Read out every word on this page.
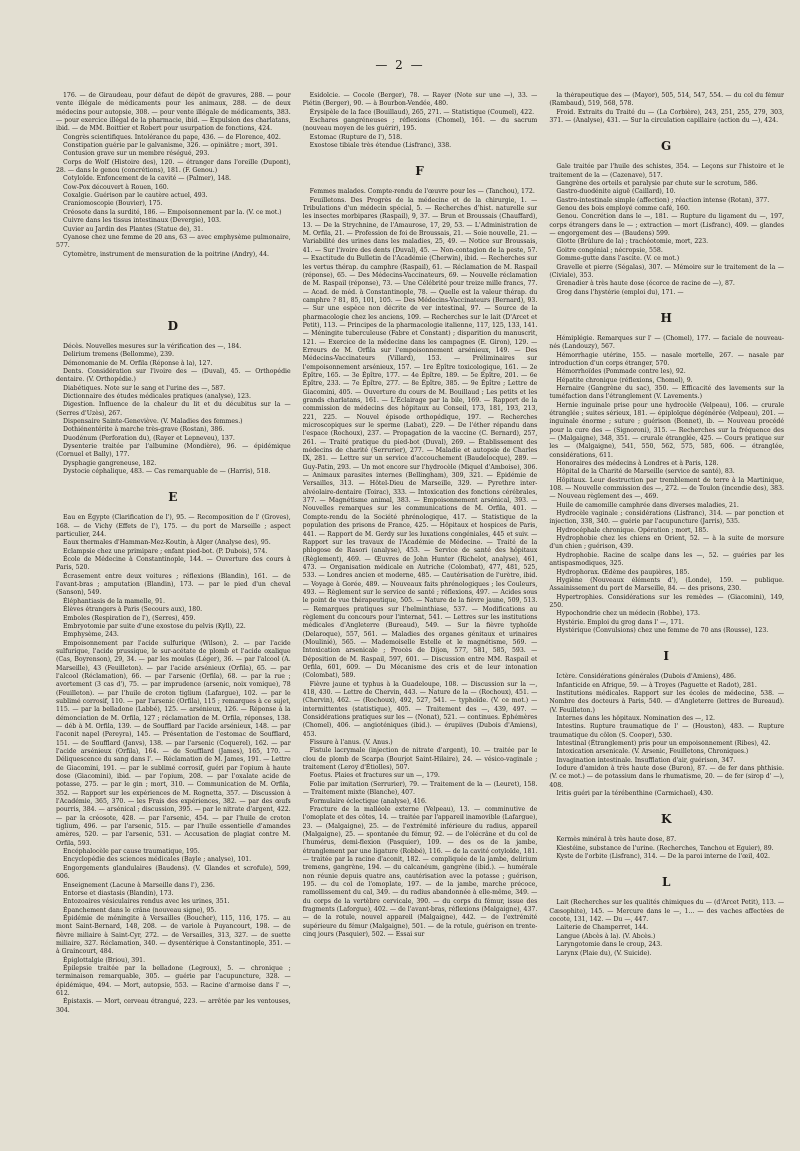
— 2 —

176. — de Giraudeau, pour défaut de dépôt de gravures, 288. — pour vente illégale de médicaments pour les animaux, 288. — de deux médecins pour autopsie, 308. — pour vente illégale de médicaments, 383. — pour exercice illégal de la pharmacie, ibid. — Expulsion des charlatans, ibid. — de MM. Boittier et Robert pour usurpation de fonctions, 424.

Congrès scientifiques. Intolérance du pape, 436. — de Florence, 402.

Constipation guérie par le galvanisme, 326. — opiniâtre ; mort, 391.

Contusion grave sur un membre réségué, 293.

Corps de Wolf (Histoire des), 120. — étranger dans l'oreille (Dupont), 28. — dans le genou (concrétions), 181. (F. Genou.)

Cotyloïde. Enfoncement de la cavité — (Palmer), 148.

Cow-Pox découvert à Rouen, 160.

Coxalgie. Guérison par le cautère actuel, 493.

Craniomoscopie (Bouvier), 175.

Créosote dans la surdité, 186. — Empoisonnement par la. (V. ce mot.)

Cuivre dans les tissus intestinaux (Devergie), 103.

Cuvier au Jardin des Plantes (Statue de), 31.

Cyanose chez une femme de 20 ans, 63 — avec emphysème pulmonaire, 577.

Cytomètre, instrument de mensuration de la poitrine (Andry), 44.

D

Décès. Nouvelles mesures sur la vérification des —, 184.

Delirium tremens (Bellomme), 239.

Démonomanie de M. Orfila (Réponse à la), 127.

Dents. Considération sur l'ivoire des — (Duval), 45. — Orthopédie dentaire. (V. Orthopédie.)

Diabétiques. Note sur le sang et l'urine des —, 587.

Dictionnaire des études médicales pratiques (analyse), 123.

Digestion. Influence de la chaleur du lit et du décubitus sur la — (Serres d'Uzès), 267.

Dispensaire Sainte-Geneviève. (V. Maladies des femmes.)

Dothiénentérite à marche très-grave (Rostan), 386.

Duodénum (Perforation du), (Rayer et Lepneveu), 137.

Dysenterie traitée par l'albumine (Mondière), 96. — épidémique (Cornuel et Bally), 177.

Dysphagie gangreneuse, 182.

Dystocie céphalique, 483. — Cas remarquable de — (Harris), 518.

E

Eau en Égypte (Clarification de l'), 95. — Recomposition de l' (Groves), 168. — de Vichy (Effets de l'), 175. — du port de Marseille ; aspect particulier, 244.

Eaux thermales d'Hamman-Mez-Koutin, à Alger (Analyse des), 95.

Eclampsie chez une primipare ; enfant pied-bot. (P. Dubois), 574.

École de Médecine à Constantinople, 144. — Ouverture des cours à Paris, 520.

Écrasement entre deux voitures ; réflexions (Blandin), 161. — de l'avant-bras ; amputation (Blandin), 173. — par le pied d'un cheval (Sanson), 549.

Éléphantiasis de la mamelle, 91.

Élèves étrangers à Paris (Secours aux), 180.

Emboles (Respiration de l'), (Serres), 459.

Embryotomie par suite d'une exostose du pelvis (Kyll), 22.

Emphysème, 243.

Empoisonnement par l'acide sulfurique (Wilson), 2. — par l'acide sulfurique, l'acide prussique, le sur-acétate de plomb et l'acide oxalique (Cas, Boyrenson), 29, 34. — par les moules (Léger), 36. — par l'alcool (A. Marseille), 43 (Feuilleton). — par l'acide arsénieux (Orfila), 65. — par l'alcool (Réclamation), 66. — par l'arsenic (Orfila), 68. — par la rue ; avortement (3 cas d'), 75. — par imprudence (arsenic, noix vomique), 78 (Feuilleton). — par l'huile de croton tiglium (Lafargue), 102. — par le sublimé corrosif, 110. — par l'arsenic (Orfila), 115 ; remarques à ce sujet, 115. — par la belladone (Labbé), 125. — arsénieux, 126. — Réponse à la démonciation de M. Orfila, 127 ; réclamation de M. Orfila, réponses, 138. — déb à M. Orfila, 139. — de Soufflard par l'acide arsénieux, 148. — par l'aconit napel (Pereyra), 145. — Présentation de l'estomac de Soufflard, 151. — de Soufflard (Janvs), 138. — par l'arsenic (Coquerel), 162. — par l'acide arsénieux (Orfila), 164. — de Soufflard (James), 165, 170. — Déliquescence du sang dans l'. — Réclamation de M. James, 191. — Lettre de Giacomini, 191. — par le sublimé corrosif, guéri par l'opium à haute dose (Giacomini), ibid. — par l'opium, 208. — par l'oxalate acide de potasse, 275. — par le gin ; mort, 310. — Communication de M. Orfila, 352. — Rapport sur les expériences de M. Rognetta, 357. — Discussion à l'Académie, 365, 370. — les Frais des expériences, 382. — par des œufs pourris, 384. — arsénical ; discussion, 395. — par le nitrate d'argent, 422. — par la créosote, 428. — par l'arsenic, 454. — par l'huile de croton tiglium, 496. — par l'arsenic, 515. — par l'huile essentielle d'amandes amères, 520. — par l'arsenic, 531. — Accusation de plagiat contre M. Orfila, 593.

Encéphalocèle par cause traumatique, 195.

Encyclopédie des sciences médicales (Bayle ; analyse), 101.

Engorgements glandulaires (Baudens). (V. Glandes et scrofule), 599, 606.

Enseignement (Lacune à Marseille dans l'), 236.

Entorse et diastasis (Blandin), 173.

Entozoaires vésiculaires rendus avec les urines, 351.

Épanchement dans le crâne (nouveau signe), 95.

Épidémie de méningite à Versailles (Boucher), 115, 116, 175. — au mont Saint-Bernard, 148, 208. — de variole à Puyancourt, 198. — de fièvre miliaire à Saint-Cyr, 272. — de Versailles, 313, 327. — de suette miliaire, 327. Réclamation, 340. — dysentérique à Constantinople, 351. — à Graincourt, 484.

Épiglottalgie (Briou), 391.

Épilepsie traitée par la belladone (Legroux), 5. — chronique ; terminaison remarquable, 305. — guérie par l'acupuncture, 328. — épidémique, 494. — Mort, autopsie, 553. — Racine d'armoise dans l' —, 612.

Épistaxis. — Mort, cerveau étrangué, 223. — arrêtée par les ventouses, 304.

Ésidolcie. — Cocole (Berger), 78. — Rayer (Note sur une —), 33. — Piétin (Berger), 90. — à Bourbon-Vendée, 480.

Érysipèle de la face (Bouillaud), 265, 271. — Statistique (Coumel), 422.

Eschares gangréneuses ; réflexions (Chomel), 161. — du sacrum (nouveau moyen de les guérir), 195.

Estomac (Rupture de l'), 518.

Exostose tibiale très étendue (Lisfranc), 338.

F

Femmes malades. Compte-rendu de l'œuvre pour les — (Tanchou), 172.

Feuilletons. Des Progrès de la médecine et de la chirurgie, 1. — Tribulations d'un médecin spécial, 5. — Recherches d'hist. naturelle sur les insectes morbipares (Raspail), 9, 37. — Brun et Broussais (Chauffard), 13. — De la Strychnine, de l'Amaurose, 17, 29, 53. — L'Administration de M. Orfila, 21. — Profession de foi de Broussais, 21. — Soie nouvelle, 21. — Variabilité des urines dans les maladies, 25, 49. — Notice sur Broussais, 41. — Sur l'ivoire des dents (Duval), 45. — Non-contagion de la peste, 57. — Exactitude du Bulletin de l'Académie (Cherwin), ibid. — Recherches sur les vertus thérap. du camphre (Raspail), 61. — Réclamation de M. Raspail (réponse), 65. — Des Médecins-Vaccinateurs, 69. — Nouvelle réclamation de M. Raspail (réponse), 73. — Une Célébrité pour treize mille francs, 77. — Acad. de méd. à Constantinople, 78. — Quelle est la valeur thérap. du camphre ? 81, 85, 101, 105. — Des Médecins-Vaccinateurs (Bernard), 93. — Sur une espèce non décrite de ver intestinal, 97. — Source de la pharmacologie chez les anciens, 109. — Recherches sur le lait (D'Arcet et Petit), 113. — Principes de la pharmacologie italienne, 117, 125, 133, 141. — Méningite tuberculeuse (Fabre et Constant) ; disparition du manuscrit, 121. — Exercice de la médecine dans les campagnes (E. Giron), 129. — Erreurs de M. Orfila sur l'empoisonnement arsénieux, 149. — Des Médecins-Vaccinateurs (Villard), 153. — Préliminaires sur l'empoisonnement arsénieux, 157. — 1re Épître toxicologique, 161. — 2e Épître, 165. — 3e Épître, 177. — 4e Épître, 189. — 5e Épître, 201. — 6e Épître, 233. — 7e Épître, 277. — 8e Épître, 385. — 9e Épître ; Lettre de Giacomini, 405. — Ouverture du cours de M. Bouillaud ; Les petits et les grands charlatans, 161. — L'Éclairage par la bile, 169. — Rapport de la commission de médecins des hôpitaux au Conseil, 173, 181, 193, 213, 221, 225. — Nouvel épisode orthopédique, 197. — Recherches microscopiques sur le sperme (Labat), 229. — De l'éther répandu dans l'espace (Rochoux), 237. — Propagation de la vaccine (C. Bernard), 257, 261. — Traité pratique du pied-bot (Duval), 269. — Établissement des médecins de charité (Serrurier), 277. — Maladie et autopsie de Charles IX, 281. — Lettre sur un service d'accouchement (Baudelocque), 289. — Guy-Patin, 293. — Un mot encore sur l'hydrocèle (Miquel d'Amboise), 306. — Animaux parasites internes (Bellingham), 309, 321. — Épidémie de Versailles, 313. — Hôtel-Dieu de Marseille, 329. — Pyrethre inter-alvéolaire-dentaire (Toirac), 333. — Intoxication des fonctions cérébrales, 377. — Magnétisme animal, 383. — Empoisonnement arsénical, 393. — Nouvelles remarques sur les communications de M. Orfila, 401. — Compte-rendu de la Société phrénologique, 417. — Statistique de la population des prisons de France, 425. — Hôpitaux et hospices de Paris, 441. — Rapport de M. Gerdy sur les luxations congéniales, 445 et suiv. — Rapport sur les travaux de l'Académie de Médecine. — Traité de la phlogose de Rasori (analyse), 453. — Service de santé des hôpitaux (Règlement), 469. — Œuvres de John Hunter (Richelot, analyse), 461, 473. — Organisation médicale en Autriche (Colombat), 477, 481, 525, 533. — Londres ancien et moderne, 485. — Cautérisation de l'urètre, ibid. — Voyage à Gorée, 489. — Nouveaux faits phrénologiques ; les Couleurs, 493. — Règlement sur le service de santé ; réflexions, 497. — Acides sous le point de vue thérapeutique, 505. — Nature de la fièvre jaune, 509, 513. — Remarques pratiques sur l'helminthiase, 537. — Modifications au règlement du concours pour l'internat, 541. — Lettres sur les institutions médicales d'Angleterre (Bureaud), 549. — Sur la fièvre typhoïde (Delaroque), 557, 561. — Maladies des organes génitaux et urinaires (Moulinié), 565. — Mademoiselle Estelle et le magnétisme, 569. — Intoxication arsenicale ; Procès de Dijon, 577, 581, 585, 593. — Déposition de M. Raspail, 597, 601. — Discussion entre MM. Raspail et Orfila, 601, 609. — Du Mécanisme des cris et de leur intonation (Colombat), 589.

Fièvre jaune et typhus à la Guadeloupe, 108. — Discussion sur la —, 418, 430. — Lettre de Chervin, 443. — Nature de la — (Rochoux), 451. — (Chervin), 462. — (Rochoux), 492, 527, 541. — typhoïde. (V. ce mot.) — intermittentes (statistique), 405. — Traitement des —, 439, 497. — Considérations pratiques sur les — (Nonat), 521. — continues. Éphémères (Chomel), 406. — angioténiques (ibid.). — érupiives (Dubois d'Amiens), 453.

Fissure à l'anus. (V. Anus.)

Fistule lacrymale (injection de nitrate d'argent), 10. — traitée par le clou de plomb de Scarpa (Bourjot Saint-Hilaire), 24. — vésico-vaginale ; traitement (Leroy d'Étiolles), 507.

Foetus. Plaies et fractures sur un —, 179.

Folie par imitation (Serrurier), 79. — Traitement de la — (Leuret), 158. — Traitement mixte (Blanche), 407.

Formulaire éclectique (analyse), 416.

Fracture de la malléole externe (Velpeau), 13. — comminutive de l'omoplate et des côtes, 14. — traitée par l'appareil inamovible (Lafargue), 23. — (Malgaigne), 25. — de l'extrémité inférieure du radius, appareil (Malgaigne), 25. — spontanée du fémur, 92. — de l'olécrâne et du col de l'humérus, demi-flexion (Pasquier), 109. — des os de la jambe, étranglement par une ligature (Robbé), 116. — de la cavité cotyloïde, 181. — traitée par la racine d'aconit, 182. — compliquée de la jambe, delirium tremens, gangrène, 194. — du calcanéum, gangrène (ibid.). — humérale non réunie depuis quatre ans, cautérisation avec la potasse ; guérison, 195. — du col de l'omoplate, 197. — de la jambe, marche précoce, ramollissement du cal, 349. — du radius abandonnée à elle-même, 349. — du corps de la vertèbre cervicale, 390. — du corps du fémur, issue des fragments (Laforgue), 402. — de l'avant-bras, réflexions (Malgaigne), 437. — de la rotule, nouvel appareil (Malgaigne), 442. — de l'extrémité supérieure du fémur (Malgaigne), 501. — de la rotule, guérison en trente-cinq jours (Pasquier), 502. — Essai sur

la thérapeutique des — (Mayor), 505, 514, 547, 554. — du col du fémur (Rambaud), 519, 568, 578.

Froid. Extraits du Traité du — (La Corbière), 243, 251, 255, 279, 303, 371. — (Analyse), 431. — Sur la circulation capillaire (action du —), 424.

G

Gale traitée par l'huile des schistes, 354. — Leçons sur l'histoire et le traitement de la — (Cazenave), 517.

Gangrène des orteils et paralysie par chute sur le scrotum, 586.

Gastro-duodénite aiguë (Caillard), 10.

Gastro-intestinale simple (affection) ; réaction intense (Rotan), 377.

Genou des bois employé comme café, 160.

Genou. Concrétion dans le —, 181. — Rupture du ligament du —, 197, corps étrangers dans le — ; extraction — mort (Lisfranc), 409. — glandes — engorgement des — (Baudens) 599.

Glotte (Brûlure de la) ; trachéotomie, mort, 223.

Goitre congénial ; nécropsie, 558.

Gomme-gutte dans l'ascite. (V. ce mot.)

Gravelle et pierre (Ségalas), 307. — Mémoire sur le traitement de la — (Civiale), 353.

Grenadier à très haute dose (écorce de racine de —), 87.

Grog dans l'hystérie (emploi du), 171. —

H

Hémiplégie. Remarques sur l' — (Chomel), 177. — faciale de nouveau-nés (Landouzy), 567.

Hémorrhagie utérine, 155. — nasale mortelle, 267. — nasale par introduction d'un corps étranger, 570.

Hémorrhoïdes (Pommade contre les), 92.

Hépatite chronique (réflexions, Chomel), 9.

Hernaire (Gangrène du sac), 350. — Efficacité des lavements sur la tuméfaction dans l'étranglement (V. Lavements.)

Hernie inguinale prise pour une hydrocèle (Velpeau), 106. — crurale étranglée ; suites sérieux, 181. — épiploïque dégénérée (Velpeau), 201. — inguinale énorme ; suture ; guérison (Bonnet), ib. — Nouveau procédé pour la cure des — (Signoroni), 315. — Recherches sur la fréquence des — (Malgaigne), 348, 351. — crurale étranglée, 425. — Cours pratique sur les — (Malgaigne), 541, 550, 562, 575, 585, 606. — étranglée, considérations, 611.

Honoraires des médecins à Londres et à Paris, 128.

Hôpital de la Charité de Marseille (service de santé), 83.

Hôpitaux. Leur destruction par tremblement de terre à la Martinique, 108. — Nouvelle commission des —, 272. — de Toulon (incendie des), 383. — Nouveau règlement des —, 469.

Huile de camomille camphrée dans diverses maladies, 21.

Hydrocèle vaginale ; considérations (Lisfranc), 314. — par ponction et injection, 338, 340. — guérie par l'acupuncture (Jarris), 535.

Hydrocéphale chronique. Opération ; mort, 185.

Hydrophobie chez les chiens en Orient, 52. — à la suite de morsure d'un chien ; guérison, 439.

Hydrophobie. Racine de scalpe dans les —, 52. — guéries par les antispasmodiques, 325.

Hydrophorax. Œdème des paupières, 185.

Hygiène (Nouveaux éléments d'), (Londe), 159. — publique. Assainissement du port de Marseille, 84. — des prisons, 230.

Hypertrophies. Considérations sur les remèdes — (Giacomini), 149, 250.

Hypochondrie chez un médecin (Robbe), 173.

Hystérie. Emploi du grog dans l' —, 171.

Hystérique (Convulsions) chez une femme de 70 ans (Rousse), 123.

I

Ictère. Considérations générales (Dubois d'Amiens), 486.

Infanticide en Afrique, 59. — à Troyes (Paguette et Radot), 281.

Institutions médicales. Rapport sur les écoles de médecine, 538. — Nombre des docteurs à Paris, 540. — d'Angleterre (lettres de Bureaud). (V. Feuilleton.)

Internes dans les hôpitaux. Nomination des —, 12.

Intestins. Rupture traumatique de l' — (Houston), 483. — Rupture traumatique du côlon (S. Cooper), 530.

Intestinal (Étranglement) pris pour un empoisonnement (Ribes), 42.

Intoxication arsenicale. (V. Arsenic, Feuilletons, Chroniques.)

Invagination intestinale. Insufflation d'air, guérison, 347.

Iodure d'amidon à très haute dose (Buron), 87. — de fer dans phthisie. (V. ce mot.) — de potassium dans le rhumatisme, 20. — de fer (sirop d' —), 408.

Iritis guéri par la térébenthine (Carmichael), 430.

K

Kermès minéral à très haute dose, 87.

Kiestéine, substance de l'urine. (Recherches, Tanchou et Eguier), 89.

Kyste de l'orbite (Lisfranc), 314. — De la paroi interne de l'œil, 402.

L

Lait (Recherches sur les qualités chimiques du — (d'Arcet Petit), 113. — Cæsophite), 145. — Mercure dans le —, 1... — des vaches affectées de cocote, 131, 142. — Du —, 447.

Laiterie de Champerret, 144.

Langue (Abcès à la). (V. Abcès.)

Laryngotomie dans le croup, 243.

Larynx (Plaie du), (V. Suicide).
